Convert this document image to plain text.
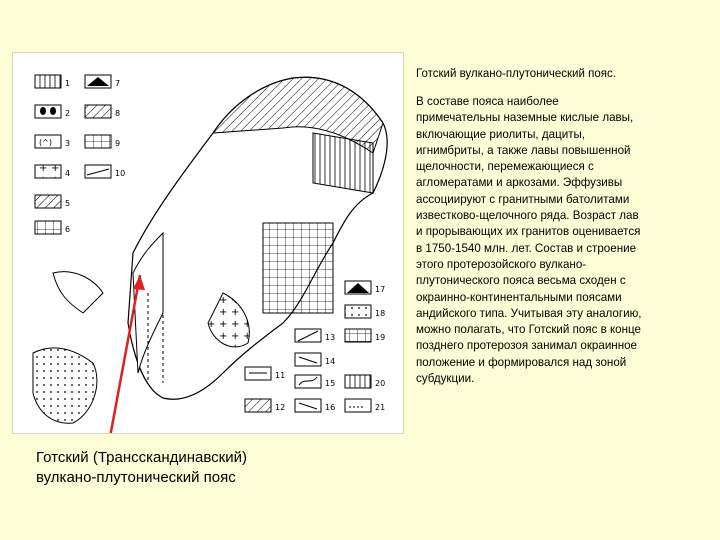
1
2
(^) 3
4
5
6
7
8
9
10
17
18
13	19
14
11
15	20
12	16	21
Готский вулкано-плутонический пояс.
В составе пояса наиболее
примечательны наземные кислые лавы,
включающие риолиты, дациты,
игнимбриты, а также лавы повышенной
щелочности, перемежающиеся с
агломератами и аркозами. Эффузивы
ассоциируют с гранитными батолитами
известково-щелочного ряда. Возраст лав
и прорывающих их гранитов оценивается
в 1750-1540 млн. лет. Состав и строение
этого протерозойского вулкано-
плутонического пояса весьма сходен с
окраинно-континентальными поясами
андийского типа. Учитывая эту аналогию,
можно полагать, что Готский пояс в конце
позднего протерозоя занимал окраинное
положение и формировался над зоной
субдукции.
Готский (Трансскандинавский)
вулкано-плутонический пояс
